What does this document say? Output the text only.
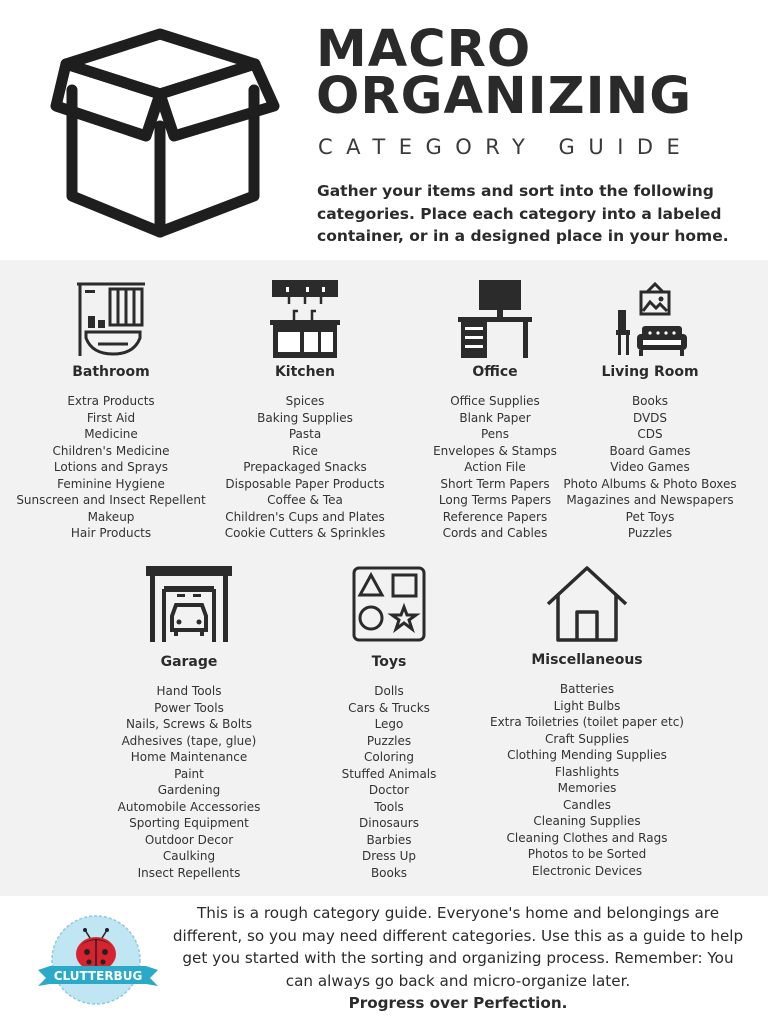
MACRO
ORGANIZING
CATEGORY GUIDE
Gather your items and sort into the following categories. Place each category into a labeled container, or in a designed place in your home.
Bathroom
Extra Products
First Aid
Medicine
Children's Medicine
Lotions and Sprays
Feminine Hygiene
Sunscreen and Insect Repellent
Makeup
Hair Products
Kitchen
Spices
Baking Supplies
Pasta
Rice
Prepackaged Snacks
Disposable Paper Products
Coffee & Tea
Children's Cups and Plates
Cookie Cutters & Sprinkles
Office
Office Supplies
Blank Paper
Pens
Envelopes & Stamps
Action File
Short Term Papers
Long Terms Papers
Reference Papers
Cords and Cables
Living Room
Books
DVDS
CDS
Board Games
Video Games
Photo Albums & Photo Boxes
Magazines and Newspapers
Pet Toys
Puzzles
Garage
Hand Tools
Power Tools
Nails, Screws & Bolts
Adhesives (tape, glue)
Home Maintenance
Paint
Gardening
Automobile Accessories
Sporting Equipment
Outdoor Decor
Caulking
Insect Repellents
Toys
Dolls
Cars & Trucks
Lego
Puzzles
Coloring
Stuffed Animals
Doctor
Tools
Dinosaurs
Barbies
Dress Up
Books
Miscellaneous
Batteries
Light Bulbs
Extra Toiletries (toilet paper etc)
Craft Supplies
Clothing Mending Supplies
Flashlights
Memories
Candles
Cleaning Supplies
Cleaning Clothes and Rags
Photos to be Sorted
Electronic Devices
CLUTTERBUG
This is a rough category guide. Everyone's home and belongings are different, so you may need different categories. Use this as a guide to help get you started with the sorting and organizing process. Remember: You can always go back and micro-organize later.
Progress over Perfection.
